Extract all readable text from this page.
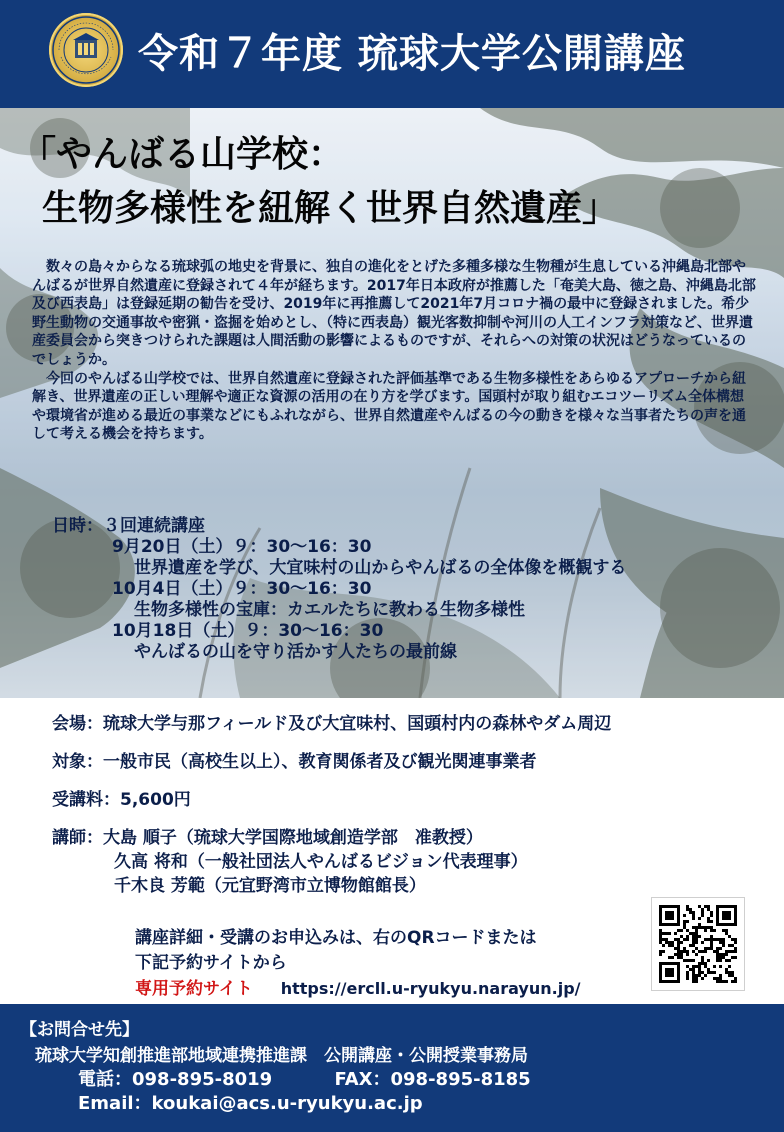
令和７年度 琉球大学公開講座
「やんばる山学校：
生物多様性を紐解く世界自然遺産」

数々の島々からなる琉球弧の地史を背景に、独自の進化をとげた多種多様な生物種が生息している沖縄島北部やんばるが世界自然遺産に登録されて４年が経ちます。2017年日本政府が推薦した「奄美大島、徳之島、沖縄島北部及び西表島」は登録延期の勧告を受け、2019年に再推薦して2021年7月コロナ禍の最中に登録されました。希少野生動物の交通事故や密猟・盗掘を始めとし、（特に西表島）観光客数抑制や河川の人工インフラ対策など、世界遺産委員会から突きつけられた課題は人間活動の影響によるものですが、それらへの対策の状況はどうなっているのでしょうか。

今回のやんばる山学校では、世界自然遺産に登録された評価基準である生物多様性をあらゆるアプローチから紐解き、世界遺産の正しい理解や適正な資源の活用の在り方を学びます。国頭村が取り組むエコツーリズム全体構想や環境省が進める最近の事業などにもふれながら、世界自然遺産やんばるの今の動きを様々な当事者たちの声を通して考える機会を持ちます。

日時：３回連続講座
9月20日（土）９：30～16：30
世界遺産を学び、大宜味村の山からやんばるの全体像を概観する
10月4日（土）９：30～16：30
生物多様性の宝庫：カエルたちに教わる生物多様性
10月18日（土）９：30～16：30
やんばるの山を守り活かす人たちの最前線
会場：琉球大学与那フィールド及び大宜味村、国頭村内の森林やダム周辺
対象：一般市民（高校生以上）、教育関係者及び観光関連事業者
受講料：5,600円
講師：大島 順子（琉球大学国際地域創造学部　准教授）
久高 将和（一般社団法人やんばるビジョン代表理事）
千木良 芳範（元宜野湾市立博物館館長）
講座詳細・受講のお申込みは、右のQRコードまたは
下記予約サイトから
専用予約サイト https://ercll.u-ryukyu.narayun.jp/
【お問合せ先】
琉球大学知創推進部地域連携推進課　公開講座・公開授業事務局
電話：098-895-8019	FAX：098-895-8185
Email：koukai@acs.u-ryukyu.ac.jp
